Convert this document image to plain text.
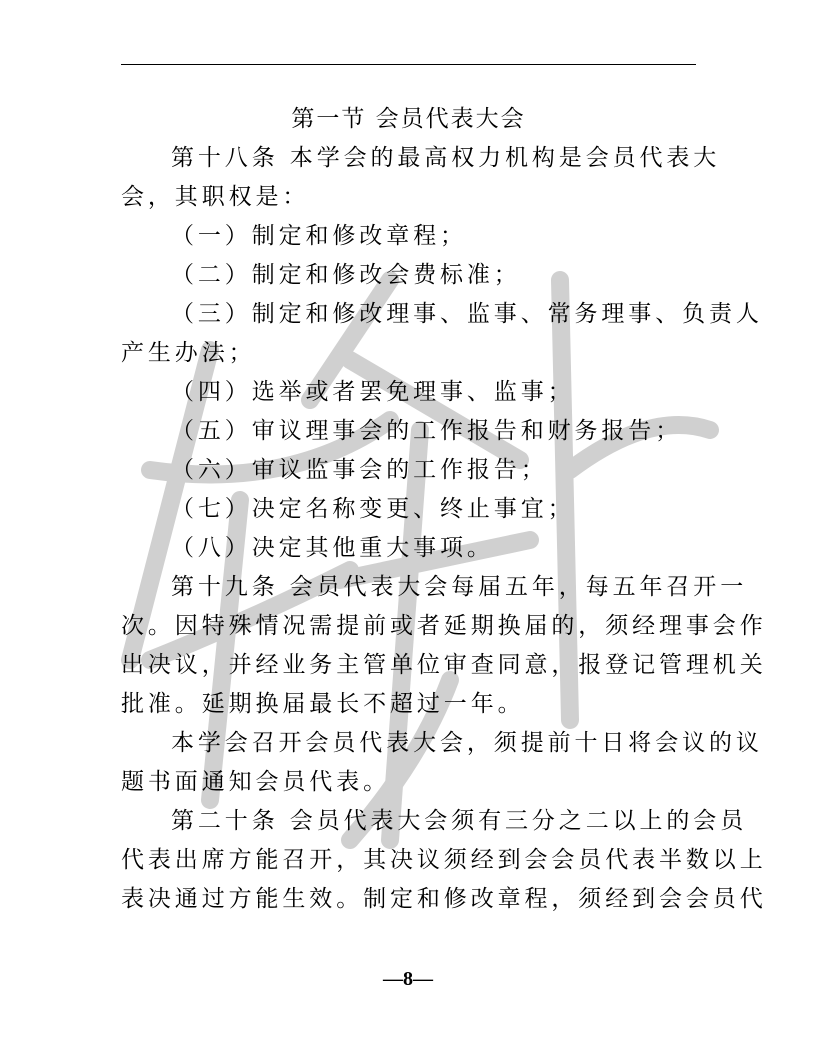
第一节 会员代表大会
第十八条 本学会的最高权力机构是会员代表大
会，其职权是：
（一）制定和修改章程；
（二）制定和修改会费标准；
（三）制定和修改理事、监事、常务理事、负责人
产生办法；
（四）选举或者罢免理事、监事；
（五）审议理事会的工作报告和财务报告；
（六）审议监事会的工作报告；
（七）决定名称变更、终止事宜；
（八）决定其他重大事项。
第十九条 会员代表大会每届五年，每五年召开一
次。因特殊情况需提前或者延期换届的，须经理事会作
出决议，并经业务主管单位审查同意，报登记管理机关
批准。延期换届最长不超过一年。
本学会召开会员代表大会，须提前十日将会议的议
题书面通知会员代表。
第二十条 会员代表大会须有三分之二以上的会员
代表出席方能召开，其决议须经到会会员代表半数以上
表决通过方能生效。制定和修改章程，须经到会会员代
—8—
